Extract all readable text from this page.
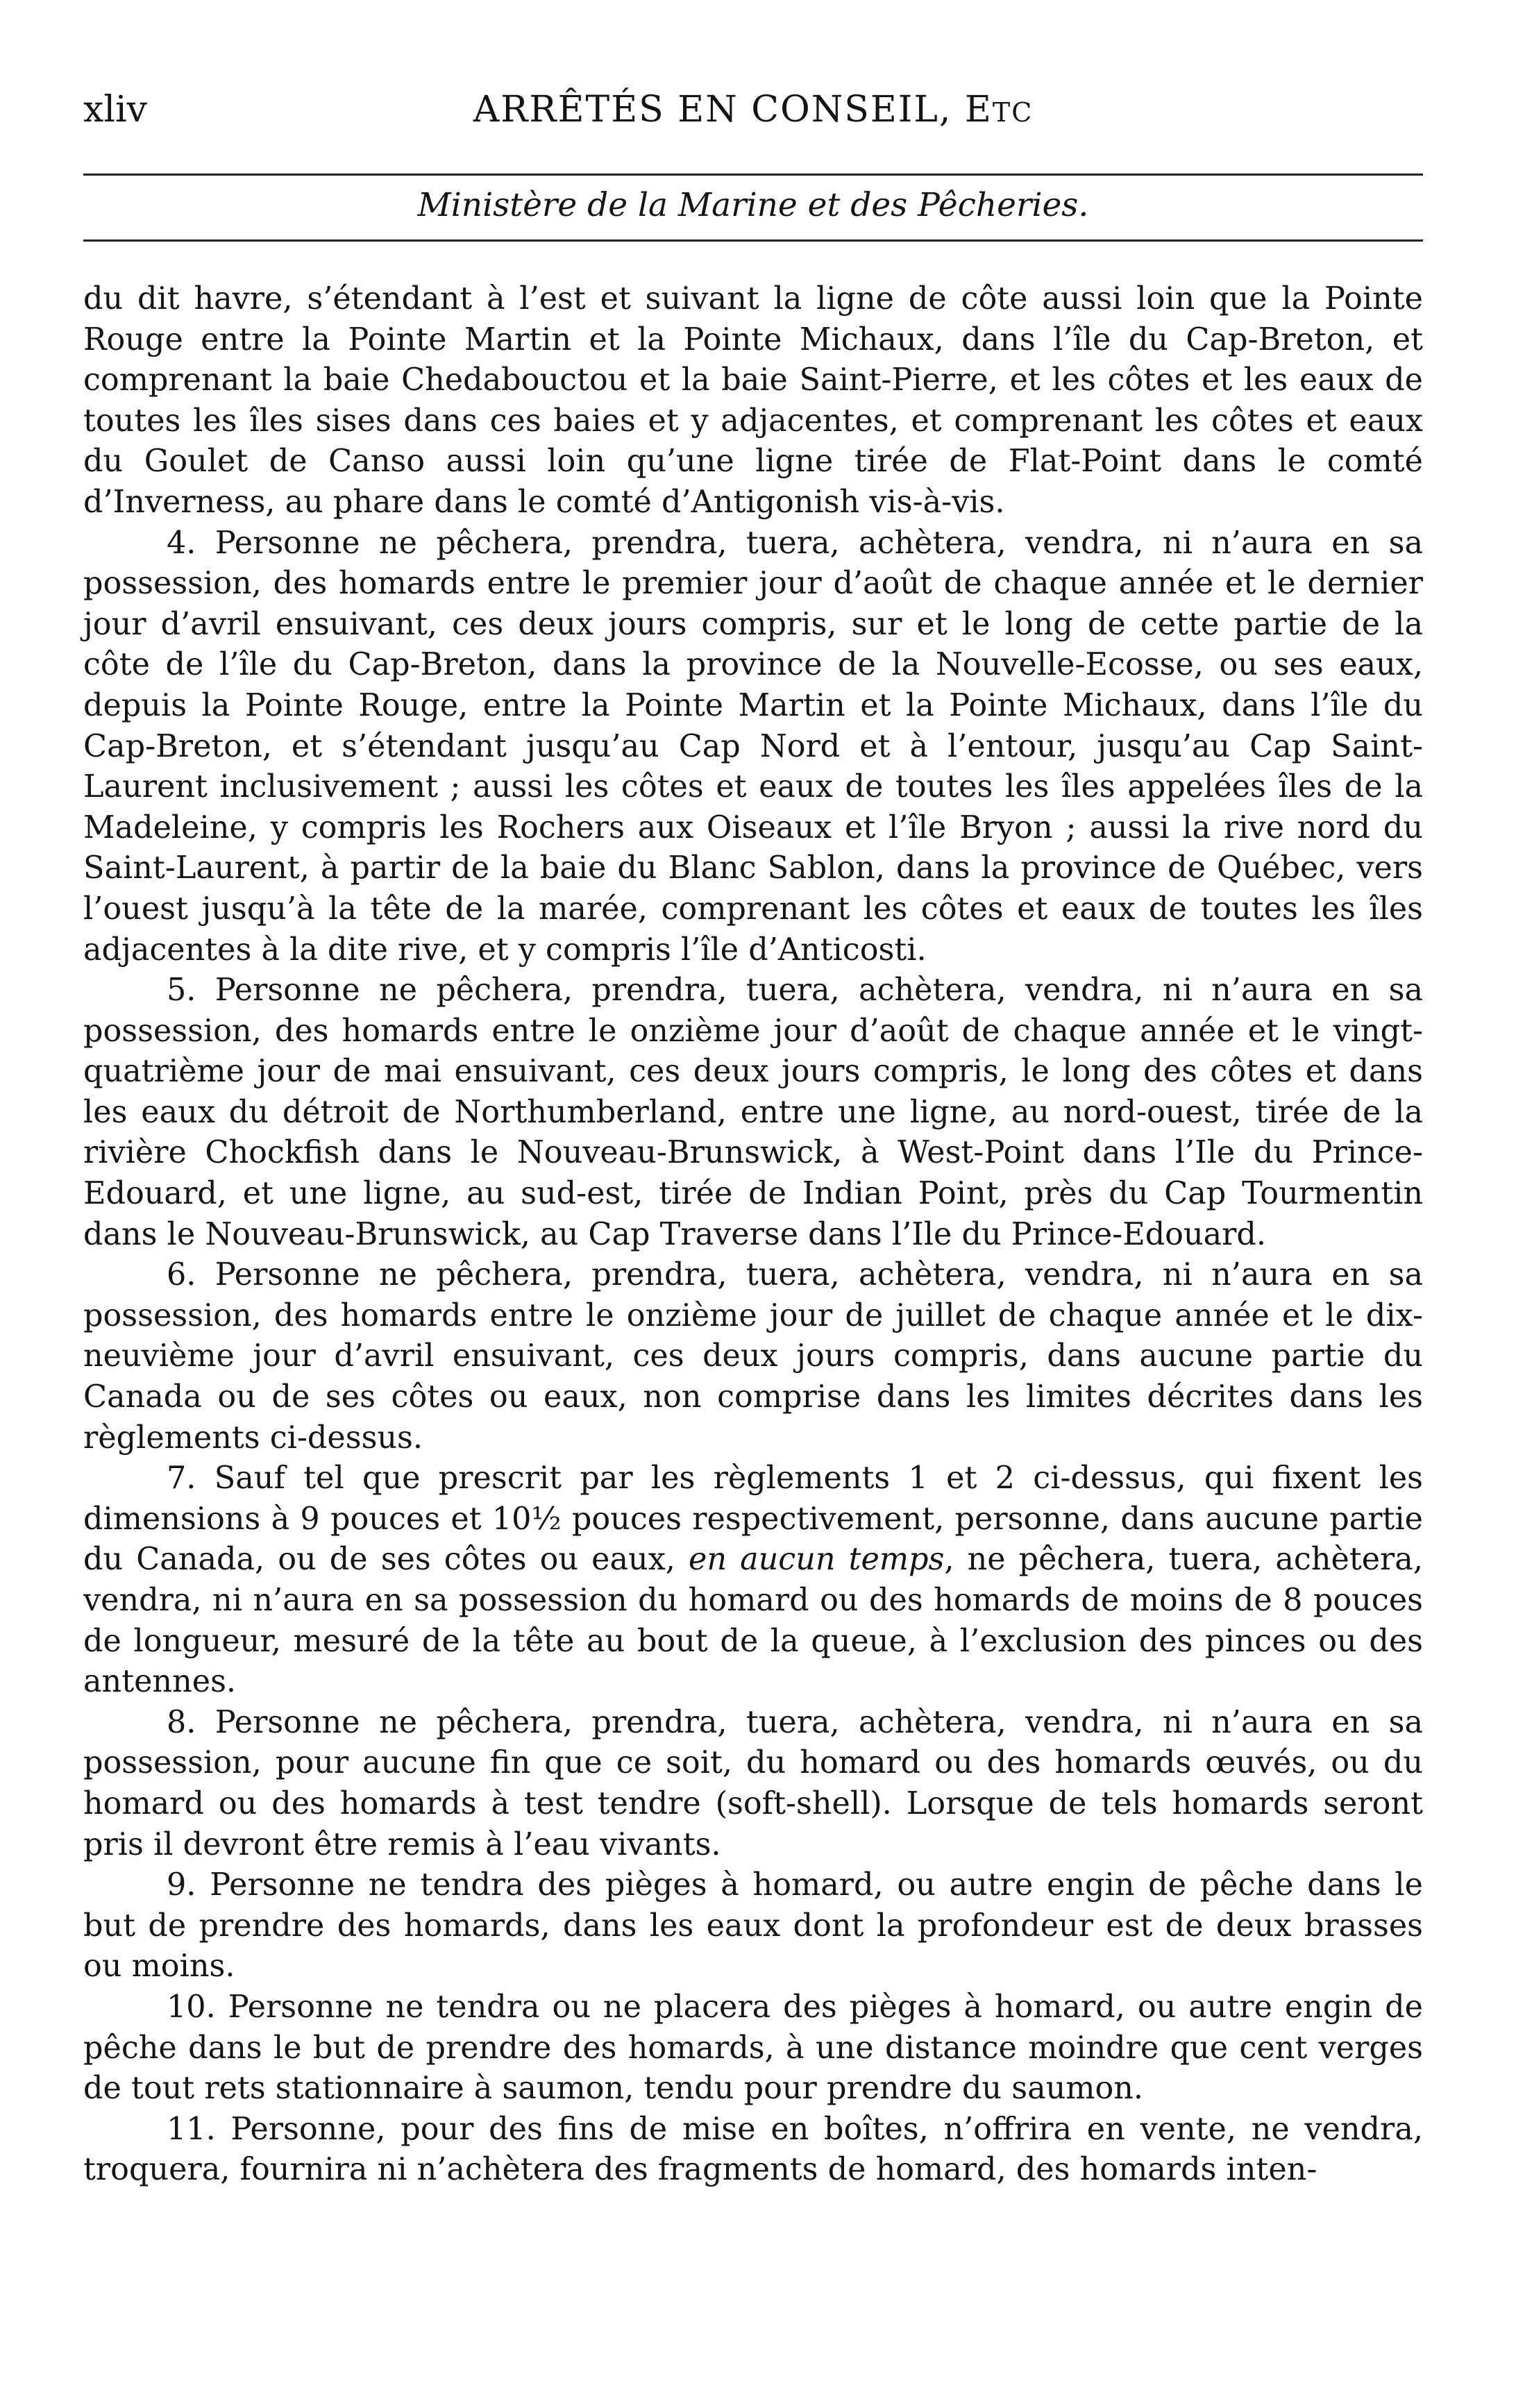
xliv	ARRÊTÉS EN CONSEIL, ETC
Ministère de la Marine et des Pêcheries.

du dit havre, s’étendant à l’est et suivant la ligne de côte aussi loin que la Pointe Rouge entre la Pointe Martin et la Pointe Michaux, dans l’île du Cap-Breton, et comprenant la baie Chedabouctou et la baie Saint-Pierre, et les côtes et les eaux de toutes les îles sises dans ces baies et y adjacentes, et comprenant les côtes et eaux du Goulet de Canso aussi loin qu’une ligne tirée de Flat-Point dans le comté d’Inverness, au phare dans le comté d’Antigonish vis-à-vis.

4. Personne ne pêchera, prendra, tuera, achètera, vendra, ni n’aura en sa possession, des homards entre le premier jour d’août de chaque année et le dernier jour d’avril ensuivant, ces deux jours compris, sur et le long de cette partie de la côte de l’île du Cap-Breton, dans la province de la Nouvelle-Ecosse, ou ses eaux, depuis la Pointe Rouge, entre la Pointe Martin et la Pointe Michaux, dans l’île du Cap-Breton, et s’étendant jusqu’au Cap Nord et à l’entour, jusqu’au Cap Saint-Laurent inclusivement ; aussi les côtes et eaux de toutes les îles appelées îles de la Madeleine, y compris les Rochers aux Oiseaux et l’île Bryon ; aussi la rive nord du Saint-Laurent, à partir de la baie du Blanc Sablon, dans la province de Québec, vers l’ouest jusqu’à la tête de la marée, comprenant les côtes et eaux de toutes les îles adjacentes à la dite rive, et y compris l’île d’Anticosti.

5. Personne ne pêchera, prendra, tuera, achètera, vendra, ni n’aura en sa possession, des homards entre le onzième jour d’août de chaque année et le vingt-quatrième jour de mai ensuivant, ces deux jours compris, le long des côtes et dans les eaux du détroit de Northumberland, entre une ligne, au nord-ouest, tirée de la rivière Chockfish dans le Nouveau-Brunswick, à West-Point dans l’Ile du Prince-Edouard, et une ligne, au sud-est, tirée de Indian Point, près du Cap Tourmentin dans le Nouveau-Brunswick, au Cap Traverse dans l’Ile du Prince-Edouard.

6. Personne ne pêchera, prendra, tuera, achètera, vendra, ni n’aura en sa possession, des homards entre le onzième jour de juillet de chaque année et le dix-neuvième jour d’avril ensuivant, ces deux jours compris, dans aucune partie du Canada ou de ses côtes ou eaux, non comprise dans les limites décrites dans les règlements ci-dessus.

7. Sauf tel que prescrit par les règlements 1 et 2 ci-dessus, qui fixent les dimensions à 9 pouces et 10½ pouces respectivement, personne, dans aucune partie du Canada, ou de ses côtes ou eaux, en aucun temps, ne pêchera, tuera, achètera, vendra, ni n’aura en sa possession du homard ou des homards de moins de 8 pouces de longueur, mesuré de la tête au bout de la queue, à l’exclusion des pinces ou des antennes.

8. Personne ne pêchera, prendra, tuera, achètera, vendra, ni n’aura en sa possession, pour aucune fin que ce soit, du homard ou des homards œuvés, ou du homard ou des homards à test tendre (soft-shell). Lorsque de tels homards seront pris il devront être remis à l’eau vivants.

9. Personne ne tendra des pièges à homard, ou autre engin de pêche dans le but de prendre des homards, dans les eaux dont la profondeur est de deux brasses ou moins.

10. Personne ne tendra ou ne placera des pièges à homard, ou autre engin de pêche dans le but de prendre des homards, à une distance moindre que cent verges de tout rets stationnaire à saumon, tendu pour prendre du saumon.

11. Personne, pour des fins de mise en boîtes, n’offrira en vente, ne vendra, troquera, fournira ni n’achètera des fragments de homard, des homards inten-
